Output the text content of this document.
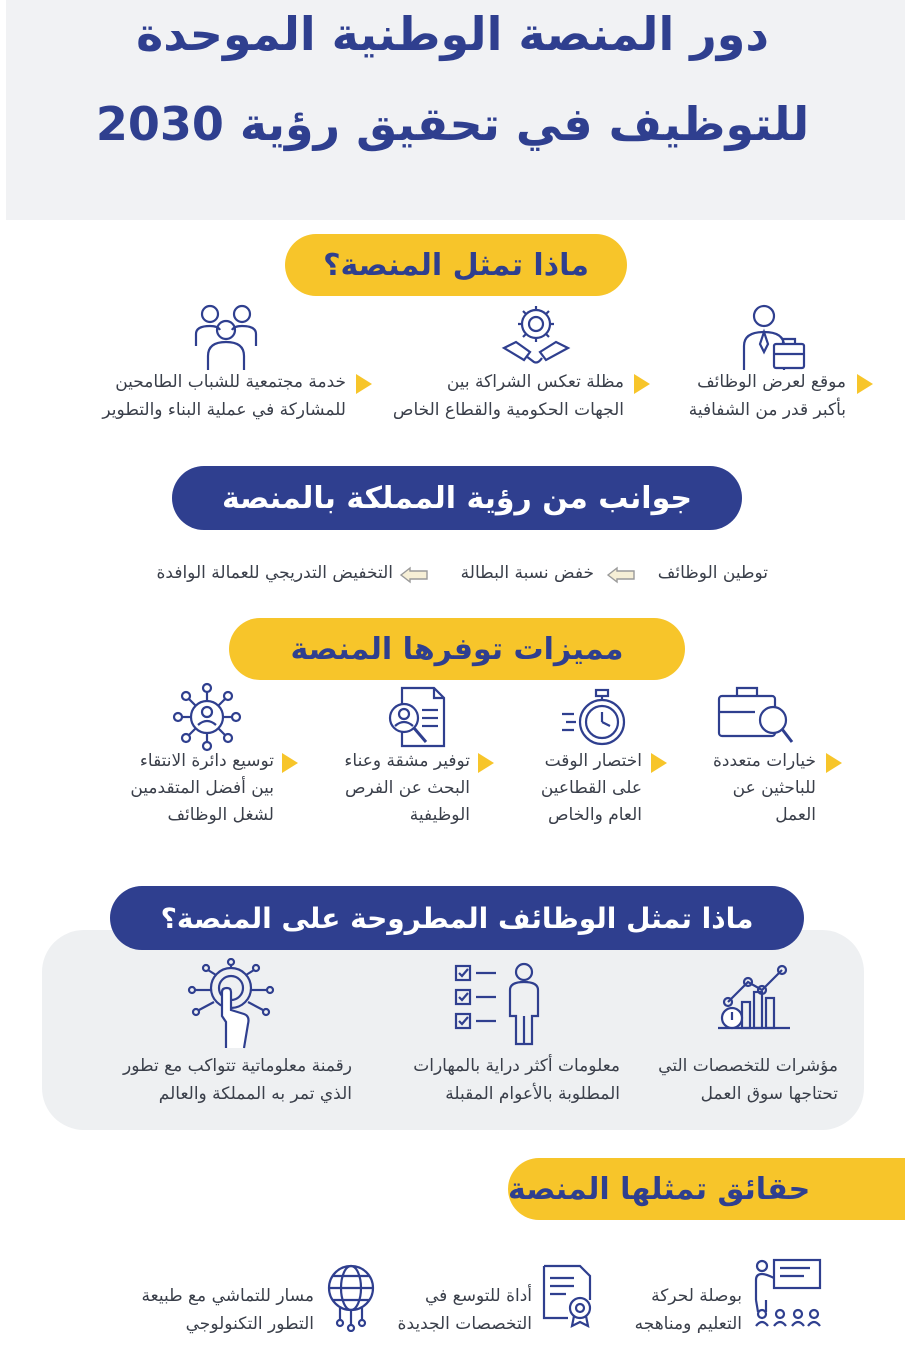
دور المنصة الوطنية الموحدة
للتوظيف في تحقيق رؤية 2030
ماذا تمثل المنصة؟
موقع لعرض الوظائف
بأكبر قدر من الشفافية
مظلة تعكس الشراكة بين
الجهات الحكومية والقطاع الخاص
خدمة مجتمعية للشباب الطامحين
للمشاركة في عملية البناء والتطوير
جوانب من رؤية المملكة بالمنصة
توطين الوظائف
خفض نسبة البطالة
التخفيض التدريجي للعمالة الوافدة
مميزات توفرها المنصة
خيارات متعددة
للباحثين عن
العمل
اختصار الوقت
على القطاعين
العام والخاص
توفير مشقة وعناء
البحث عن الفرص
الوظيفية
توسيع دائرة الانتقاء
بين أفضل المتقدمين
لشغل الوظائف
ماذا تمثل الوظائف المطروحة على المنصة؟
مؤشرات للتخصصات التي
تحتاجها سوق العمل
معلومات أكثر دراية بالمهارات
المطلوبة بالأعوام المقبلة
رقمنة معلوماتية تتواكب مع تطور
الذي تمر به المملكة والعالم
حقائق تمثلها المنصة
بوصلة لحركة
التعليم ومناهجه
أداة للتوسع في
التخصصات الجديدة
مسار للتماشي مع طبيعة
التطور التكنولوجي
